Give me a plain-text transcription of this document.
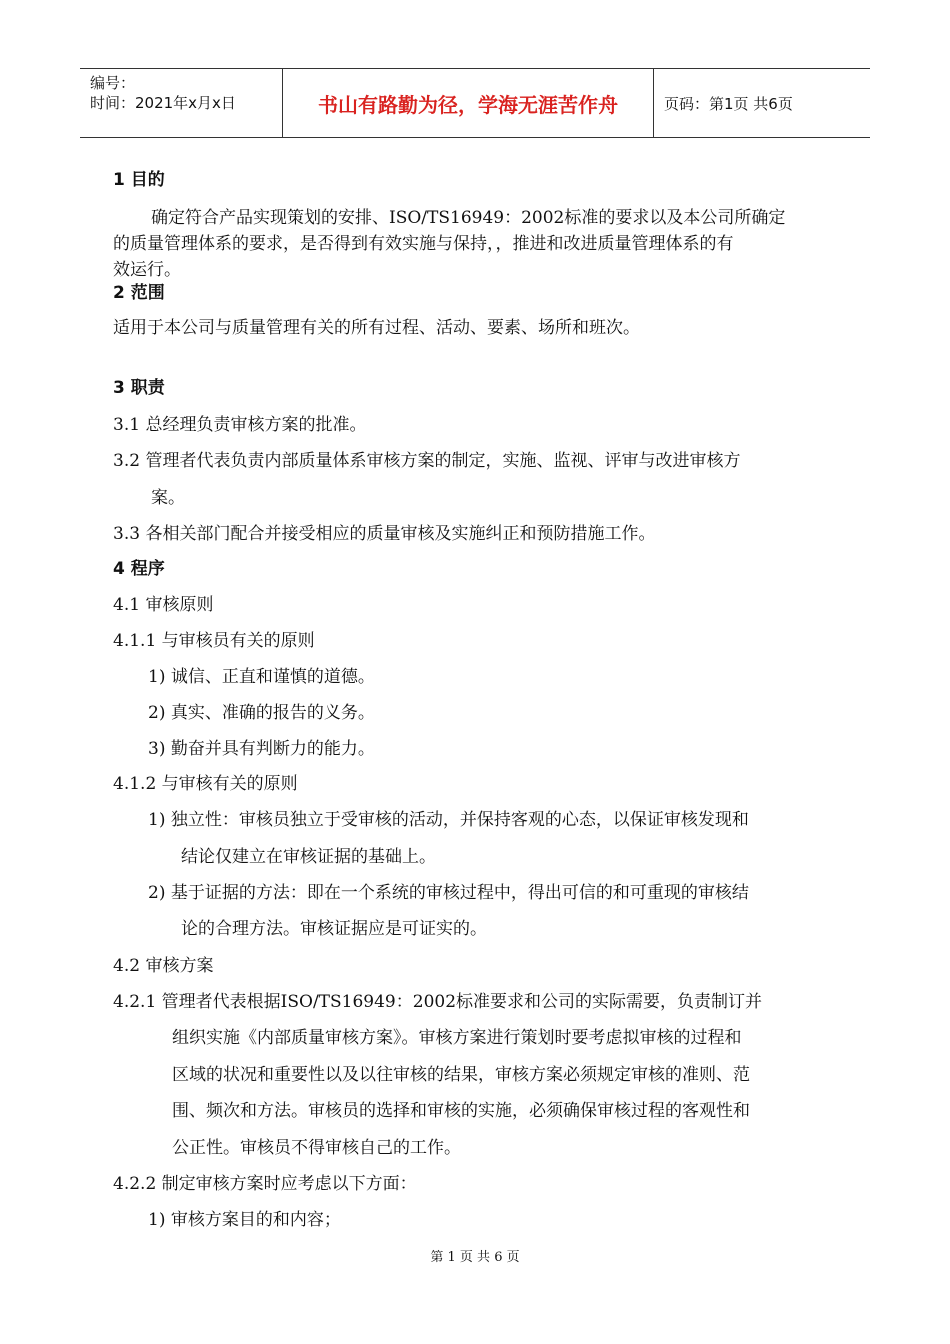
编号：
时间：2021年x月x日	书山有路勤为径，学海无涯苦作舟	页码：第1页 共6页
1 目的
确定符合产品实现策划的安排、ISO/TS16949：2002标准的要求以及本公司所确定
的质量管理体系的要求，是否得到有效实施与保持，，推进和改进质量管理体系的有
效运行。
2 范围
适用于本公司与质量管理有关的所有过程、活动、要素、场所和班次。
3 职责
3.1 总经理负责审核方案的批准。
3.2 管理者代表负责内部质量体系审核方案的制定，实施、监视、评审与改进审核方
案。
3.3 各相关部门配合并接受相应的质量审核及实施纠正和预防措施工作。
4 程序
4.1 审核原则
4.1.1 与审核员有关的原则
1) 诚信、正直和谨慎的道德。
2) 真实、准确的报告的义务。
3) 勤奋并具有判断力的能力。
4.1.2 与审核有关的原则
1) 独立性：审核员独立于受审核的活动，并保持客观的心态，以保证审核发现和
结论仅建立在审核证据的基础上。
2) 基于证据的方法：即在一个系统的审核过程中，得出可信的和可重现的审核结
论的合理方法。审核证据应是可证实的。
4.2 审核方案
4.2.1 管理者代表根据ISO/TS16949：2002标准要求和公司的实际需要，负责制订并
组织实施《内部质量审核方案》。审核方案进行策划时要考虑拟审核的过程和
区域的状况和重要性以及以往审核的结果，审核方案必须规定审核的准则、范
围、频次和方法。审核员的选择和审核的实施，必须确保审核过程的客观性和
公正性。审核员不得审核自己的工作。
4.2.2 制定审核方案时应考虑以下方面：
1) 审核方案目的和内容；
第 1 页 共 6 页
